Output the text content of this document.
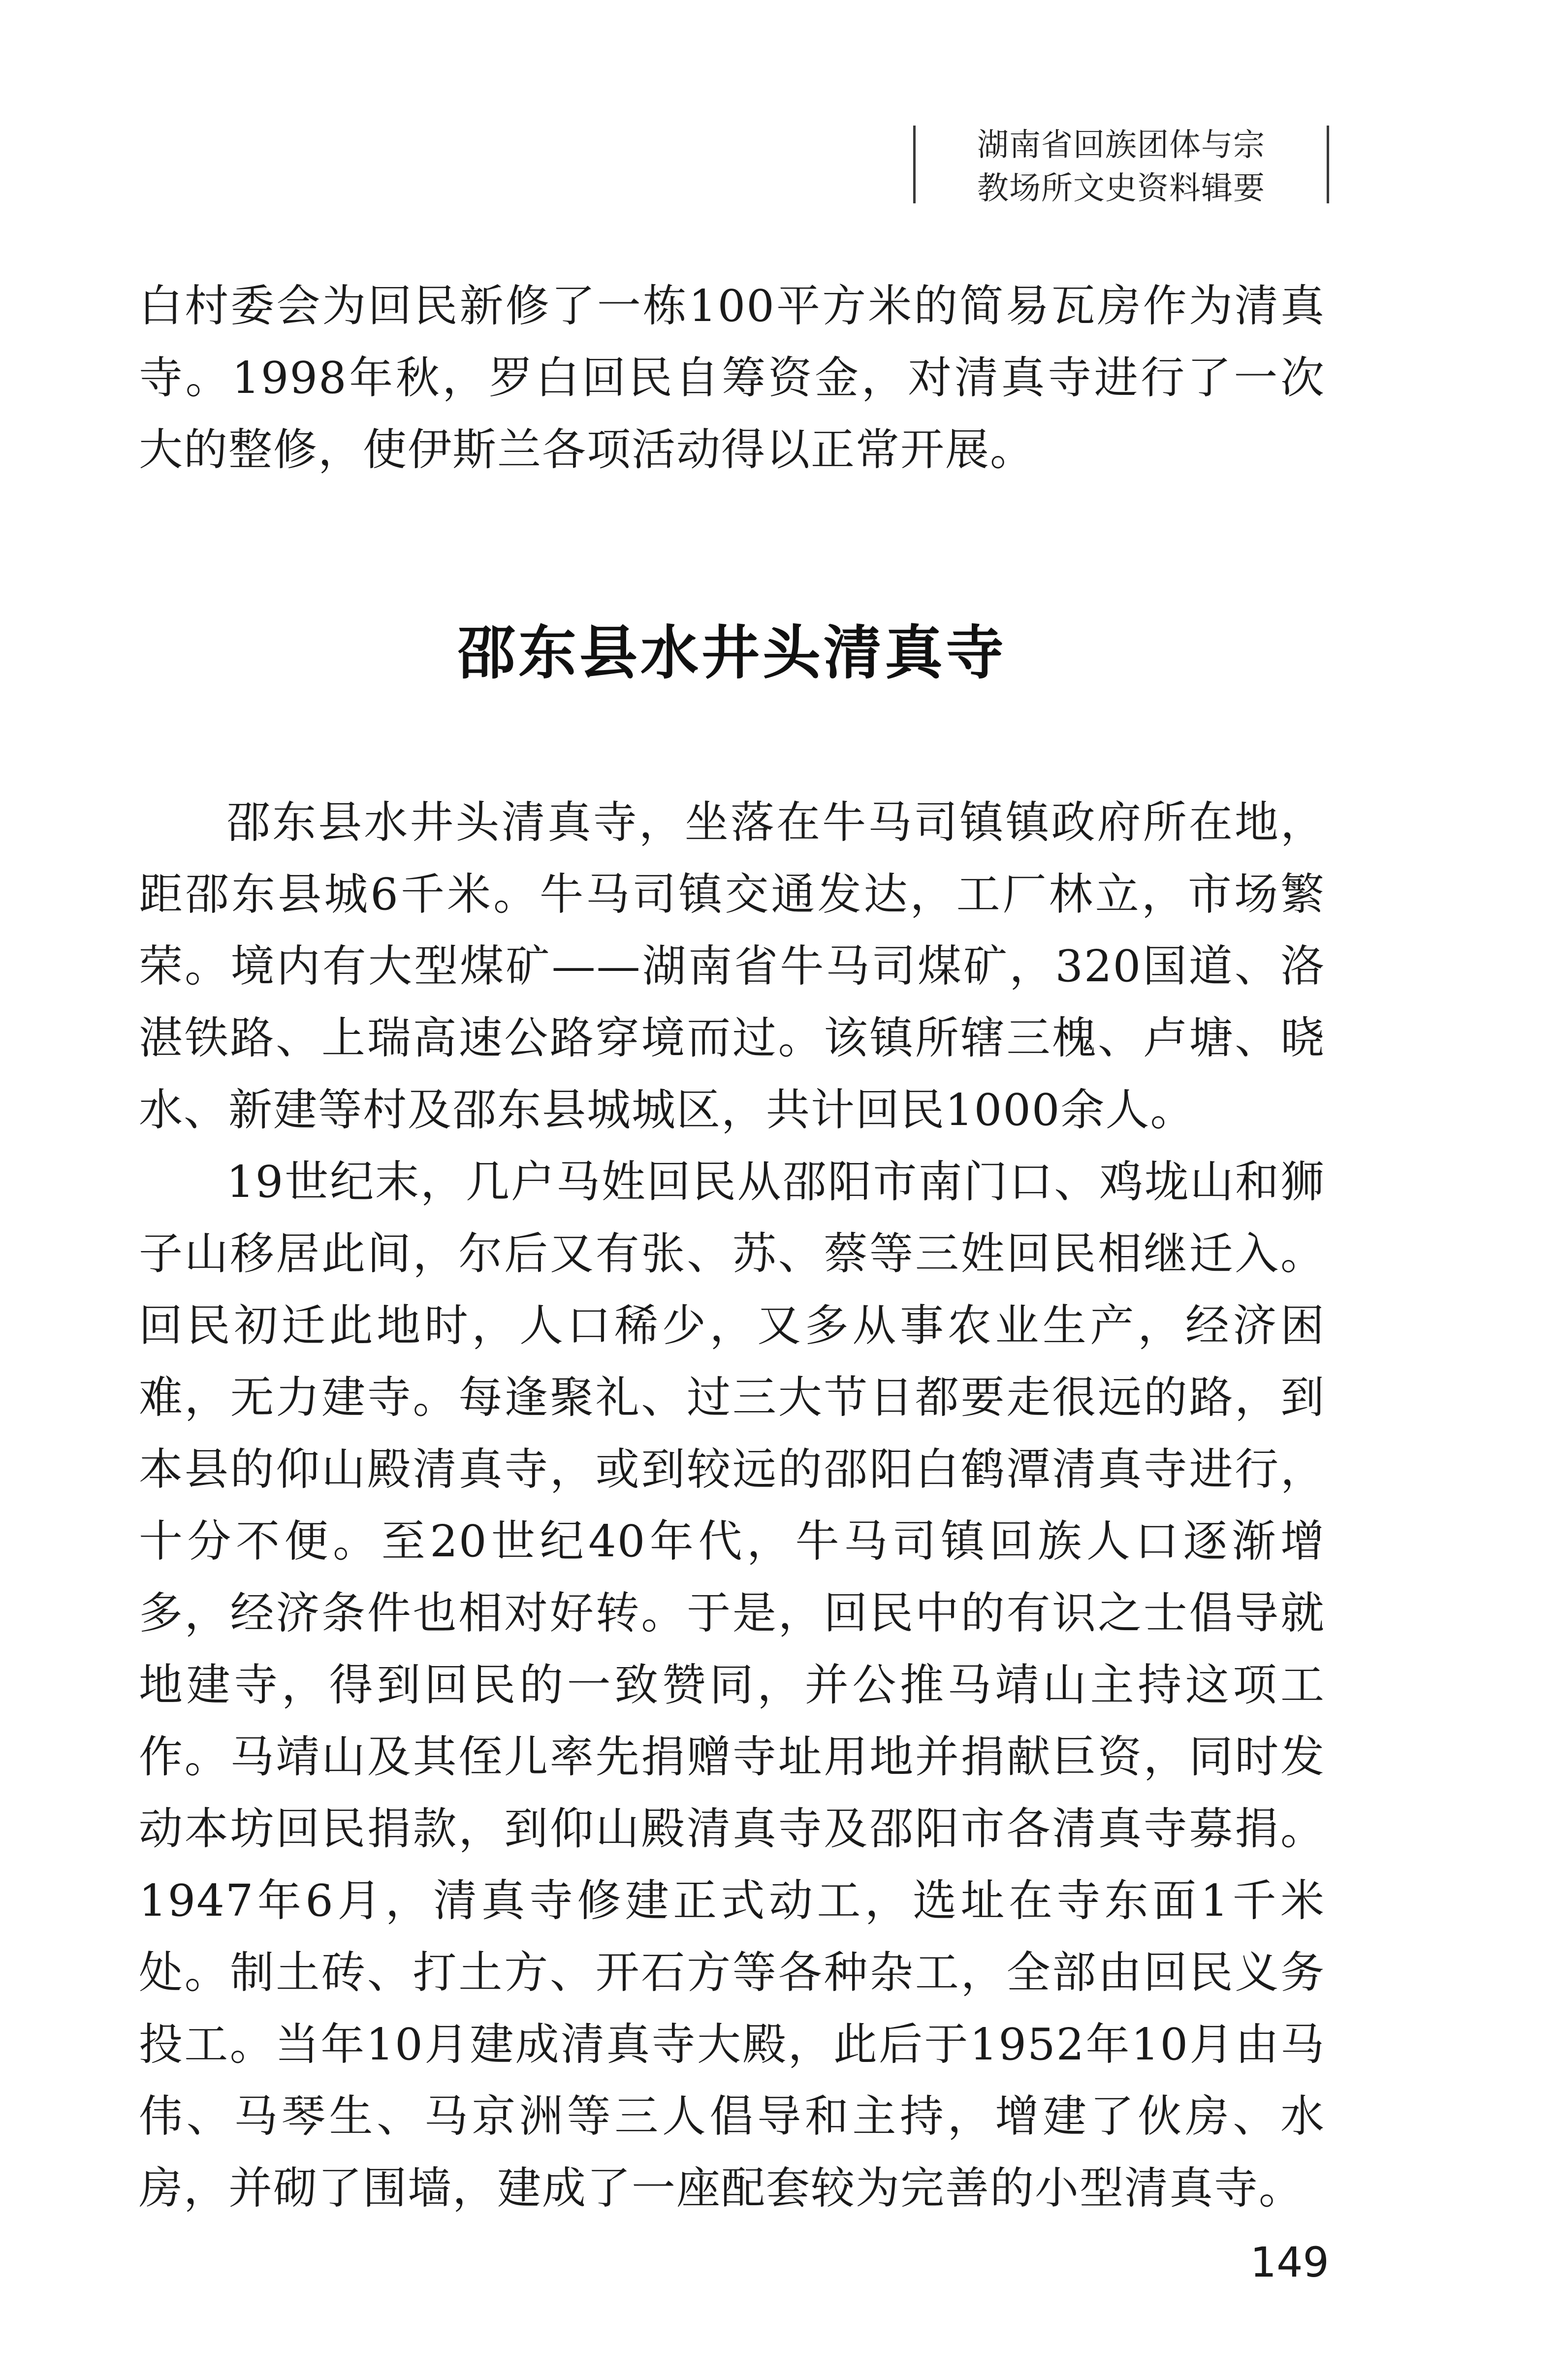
湖南省回族团体与宗
教场所文史资料辑要

白村委会为回民新修了一栋100平方米的简易瓦房作为清真寺。1998年秋，罗白回民自筹资金，对清真寺进行了一次大的整修，使伊斯兰各项活动得以正常开展。

邵东县水井头清真寺

邵东县水井头清真寺，坐落在牛马司镇镇政府所在地，距邵东县城6千米。牛马司镇交通发达，工厂林立，市场繁荣。境内有大型煤矿——湖南省牛马司煤矿，320国道、洛湛铁路、上瑞高速公路穿境而过。该镇所辖三槐、卢塘、晓水、新建等村及邵东县城城区，共计回民1000余人。

19世纪末，几户马姓回民从邵阳市南门口、鸡垅山和狮子山移居此间，尔后又有张、苏、蔡等三姓回民相继迁入。回民初迁此地时，人口稀少，又多从事农业生产，经济困难，无力建寺。每逢聚礼、过三大节日都要走很远的路，到本县的仰山殿清真寺，或到较远的邵阳白鹤潭清真寺进行，十分不便。至20世纪40年代，牛马司镇回族人口逐渐增多，经济条件也相对好转。于是，回民中的有识之士倡导就地建寺，得到回民的一致赞同，并公推马靖山主持这项工作。马靖山及其侄儿率先捐赠寺址用地并捐献巨资，同时发动本坊回民捐款，到仰山殿清真寺及邵阳市各清真寺募捐。1947年6月，清真寺修建正式动工，选址在寺东面1千米处。制土砖、打土方、开石方等各种杂工，全部由回民义务投工。当年10月建成清真寺大殿，此后于1952年10月由马伟、马琴生、马京洲等三人倡导和主持，增建了伙房、水房，并砌了围墙，建成了一座配套较为完善的小型清真寺。

149
